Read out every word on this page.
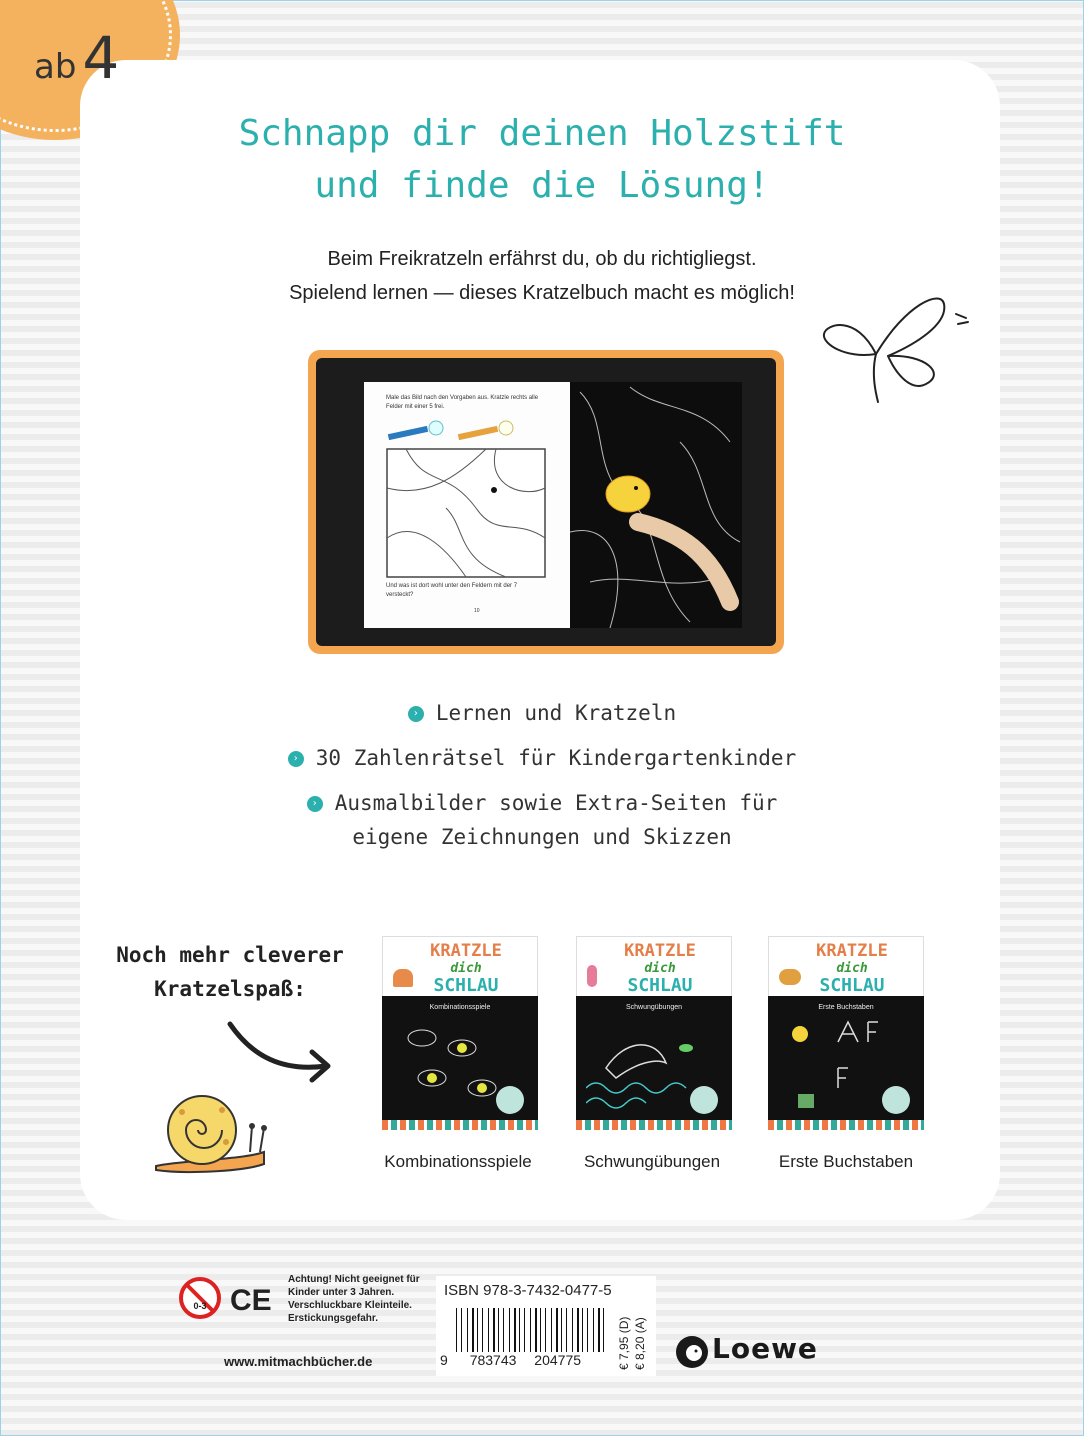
ab 4
Schnapp dir deinen Holzstift
und finde die Lösung!
Beim Freikratzeln erfährst du, ob du richtigliegst.
Spielend lernen — dieses Kratzelbuch macht es möglich!
Male das Bild nach den Vorgaben aus. Kratzle rechts alle Felder mit einer 5 frei.
Und was ist dort wohl unter den Feldern mit der 7 versteckt?
10
› Lernen und Kratzeln
› 30 Zahlenrätsel für Kindergartenkinder
› Ausmalbilder sowie Extra-Seiten für
eigene Zeichnungen und Skizzen
Noch mehr cleverer
Kratzelspaß:
KRATZLE
dich
SCHLAU
Kombinationsspiele
KRATZLE
dich
SCHLAU
Schwungübungen
KRATZLE
dich
SCHLAU
Erste Buchstaben
Kombinationsspiele	Schwungübungen	Erste Buchstaben
0-3 CE
Achtung! Nicht geeignet für Kinder unter 3 Jahren. Verschluckbare Kleinteile. Erstickungsgefahr.
www.mitmachbücher.de
ISBN 978-3-7432-0477-5
9 783743 204775	€ 7,95 (D) € 8,20 (A) Loewe
